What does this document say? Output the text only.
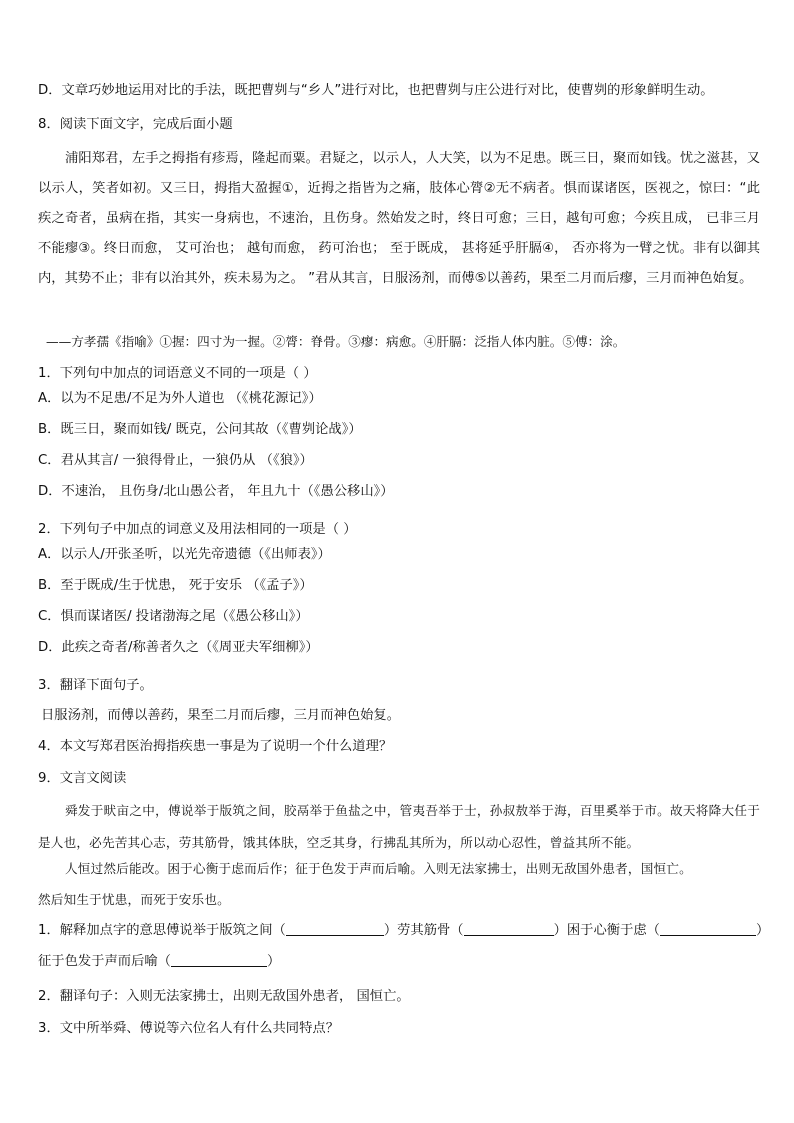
D．文章巧妙地运用对比的手法，既把曹刿与“乡人”进行对比，也把曹刿与庄公进行对比，使曹刿的形象鲜明生动。
8．阅读下面文字，完成后面小题
浦阳郑君，左手之拇指有疹焉，隆起而粟。君疑之，以示人，人大笑，以为不足患。既三日，聚而如钱。忧之滋甚，又以示人，笑者如初。又三日，拇指大盈握①，近拇之指皆为之痛，肢体心膂②无不病者。惧而谋诸医，医视之，惊曰：“此疾之奇者，虽病在指，其实一身病也，不速治，且伤身。然始发之时，终日可愈；三日，越旬可愈；今疾且成， 已非三月不能瘳③。终日而愈， 艾可治也； 越旬而愈， 药可治也； 至于既成， 甚将延乎肝膈④， 否亦将为一臂之忧。非有以御其内，其势不止；非有以治其外，疾未易为之。 ”君从其言，日服汤剂，而傅⑤以善药，果至二月而后瘳，三月而神色始复。
——方孝孺《指喻》①握：四寸为一握。②膂：脊骨。③瘳：病愈。④肝膈：泛指人体内脏。⑤傅：涂。
1．下列句中加点的词语意义不同的一项是（ ）
A．以为不足患/不足为外人道也 （《桃花源记》）
B．既三日，聚而如钱/ 既克，公问其故（《曹刿论战》）
C．君从其言/ 一狼得骨止，一狼仍从 （《狼》）
D．不速治， 且伤身/北山愚公者， 年且九十（《愚公移山》）
2．下列句子中加点的词意义及用法相同的一项是（ ）
A．以示人/开张圣听，以光先帝遗德（《出师表》）
B．至于既成/生于忧患， 死于安乐 （《孟子》）
C．惧而谋诸医/ 投诸渤海之尾（《愚公移山》）
D．此疾之奇者/称善者久之（《周亚夫军细柳》）
3．翻译下面句子。
日服汤剂，而傅以善药，果至二月而后瘳，三月而神色始复。
4．本文写郑君医治拇指疾患一事是为了说明一个什么道理？
9．文言文阅读
舜发于畎亩之中，傅说举于版筑之间，胶鬲举于鱼盐之中，管夷吾举于士，孙叔敖举于海，百里奚举于市。故天将降大任于是人也，必先苦其心志，劳其筋骨，饿其体肤，空乏其身，行拂乱其所为，所以动心忍性，曾益其所不能。
人恒过然后能改。困于心衡于虑而后作；征于色发于声而后喻。入则无法家拂士，出则无敌国外患者，国恒亡。
然后知生于忧患，而死于安乐也。
1．解释加点字的意思傅说举于版筑之间（	）劳其筋骨（	）困于心衡于虑（	）
征于色发于声而后喻（	）
2．翻译句子：入则无法家拂士，出则无敌国外患者， 国恒亡。
3．文中所举舜、傅说等六位名人有什么共同特点？
